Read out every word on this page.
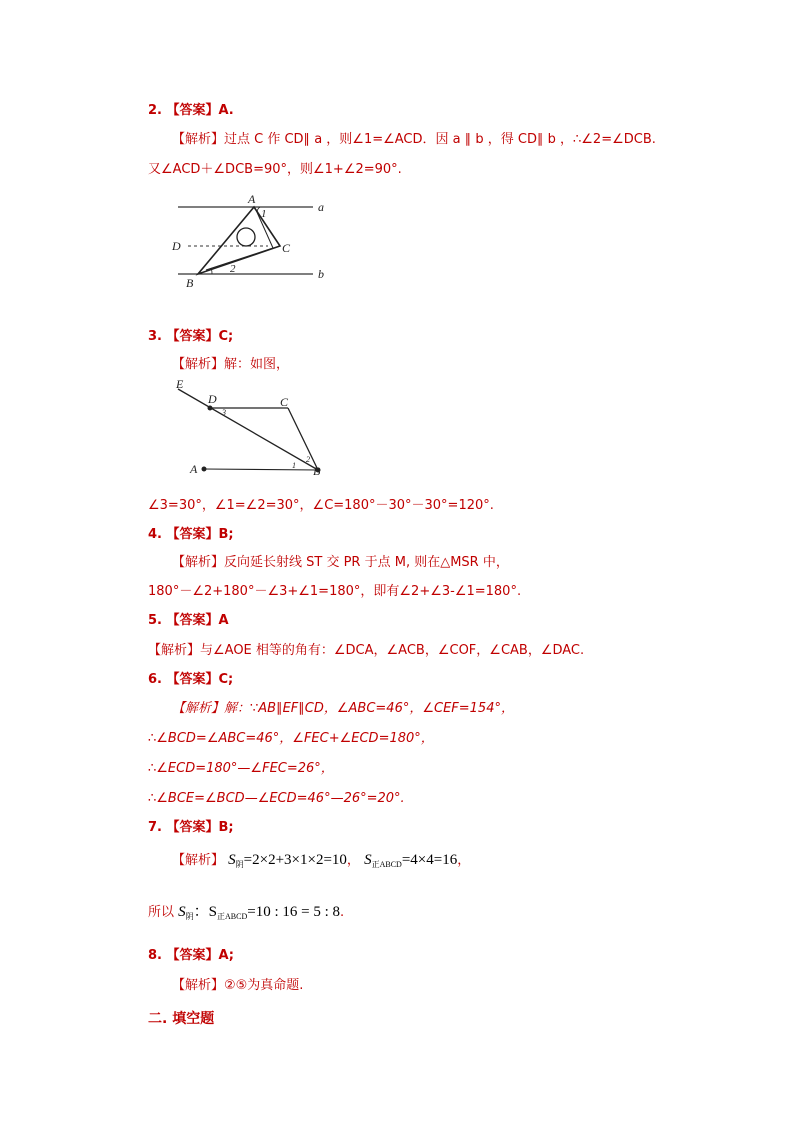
2. 【答案】A.
【解析】过点 C 作 CD∥ a ，则∠1=∠ACD．因 a ∥ b ，得 CD∥ b ，∴∠2=∠DCB.
又∠ACD＋∠DCB=90°，则∠1+∠2=90°.
A
1	a
D	C
2
B
b
3. 【答案】C;
【解析】解：如图，
E
D
3
C
A	1
2
B
∠3=30°，∠1=∠2=30°，∠C=180°－30°－30°=120°.
4. 【答案】B;
【解析】反向延长射线 ST 交 PR 于点 M, 则在△MSR 中，
180°－∠2+180°－∠3+∠1=180°，即有∠2+∠3-∠1=180°.
5. 【答案】A
【解析】与∠AOE 相等的角有：∠DCA，∠ACB，∠COF，∠CAB，∠DAC.
6. 【答案】C;
【解析】解：∵AB∥EF∥CD，∠ABC=46°，∠CEF=154°，
∴∠BCD=∠ABC=46°，∠FEC+∠ECD=180°，
∴∠ECD=180°—∠FEC=26°，
∴∠BCE=∠BCD—∠ECD=46°—26°=20°.
7. 【答案】B;
【解析】 $S_阴=2\times 2+3\times 1\times 2=10$， $S_{正ABCD}=4\times 4=16$，
所以 $S_阴$：$S_{正ABCD}=10$ : 16 = 5 : 8.
8. 【答案】A;
【解析】②⑤为真命题.
二. 填空题
